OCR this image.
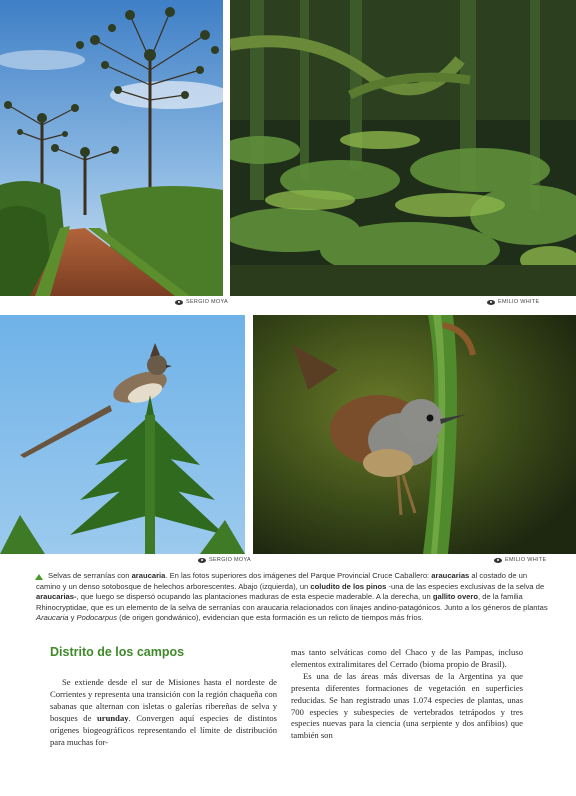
SERGIO MOYA	EMILIO WHITE
SERGIO MOYA	EMILIO WHITE

Selvas de serranías con araucaria. En las fotos superiores dos imágenes del Parque Provincial Cruce Caballero: araucarias al costado de un camino y un denso sotobosque de helechos arborescentes. Abajo (izquierda), un coludito de los pinos -una de las especies exclusivas de la selva de araucarias-, que luego se dispersó ocupando las plantaciones maduras de esta especie maderable. A la derecha, un gallito overo, de la familia Rhinocryptidae, que es un elemento de la selva de serranías con araucaria relacionados con linajes andino-patagónicos. Junto a los géneros de plantas Araucaria y Podocarpus (de origen gondwánico), evidencian que esta formación es un relicto de tiempos más fríos.

Distrito de los campos

Se extiende desde el sur de Misiones hasta el nordeste de Corrientes y representa una transición con la región chaqueña con sabanas que alternan con isletas o galerías ribereñas de selva y bosques de urunday. Convergen aquí especies de distintos orígenes biogeográficos representando el límite de distribución para muchas for-

mas tanto selváticas como del Chaco y de las Pampas, incluso elementos extralimitares del Cerrado (bioma propio de Brasil).

Es una de las áreas más diversas de la Argentina ya que presenta diferentes formaciones de vegetación en superficies reducidas. Se han registrado unas 1.074 especies de plantas, unas 700 especies y subespecies de vertebrados tetrápodos y tres especies nuevas para la ciencia (una serpiente y dos anfibios) que también son
